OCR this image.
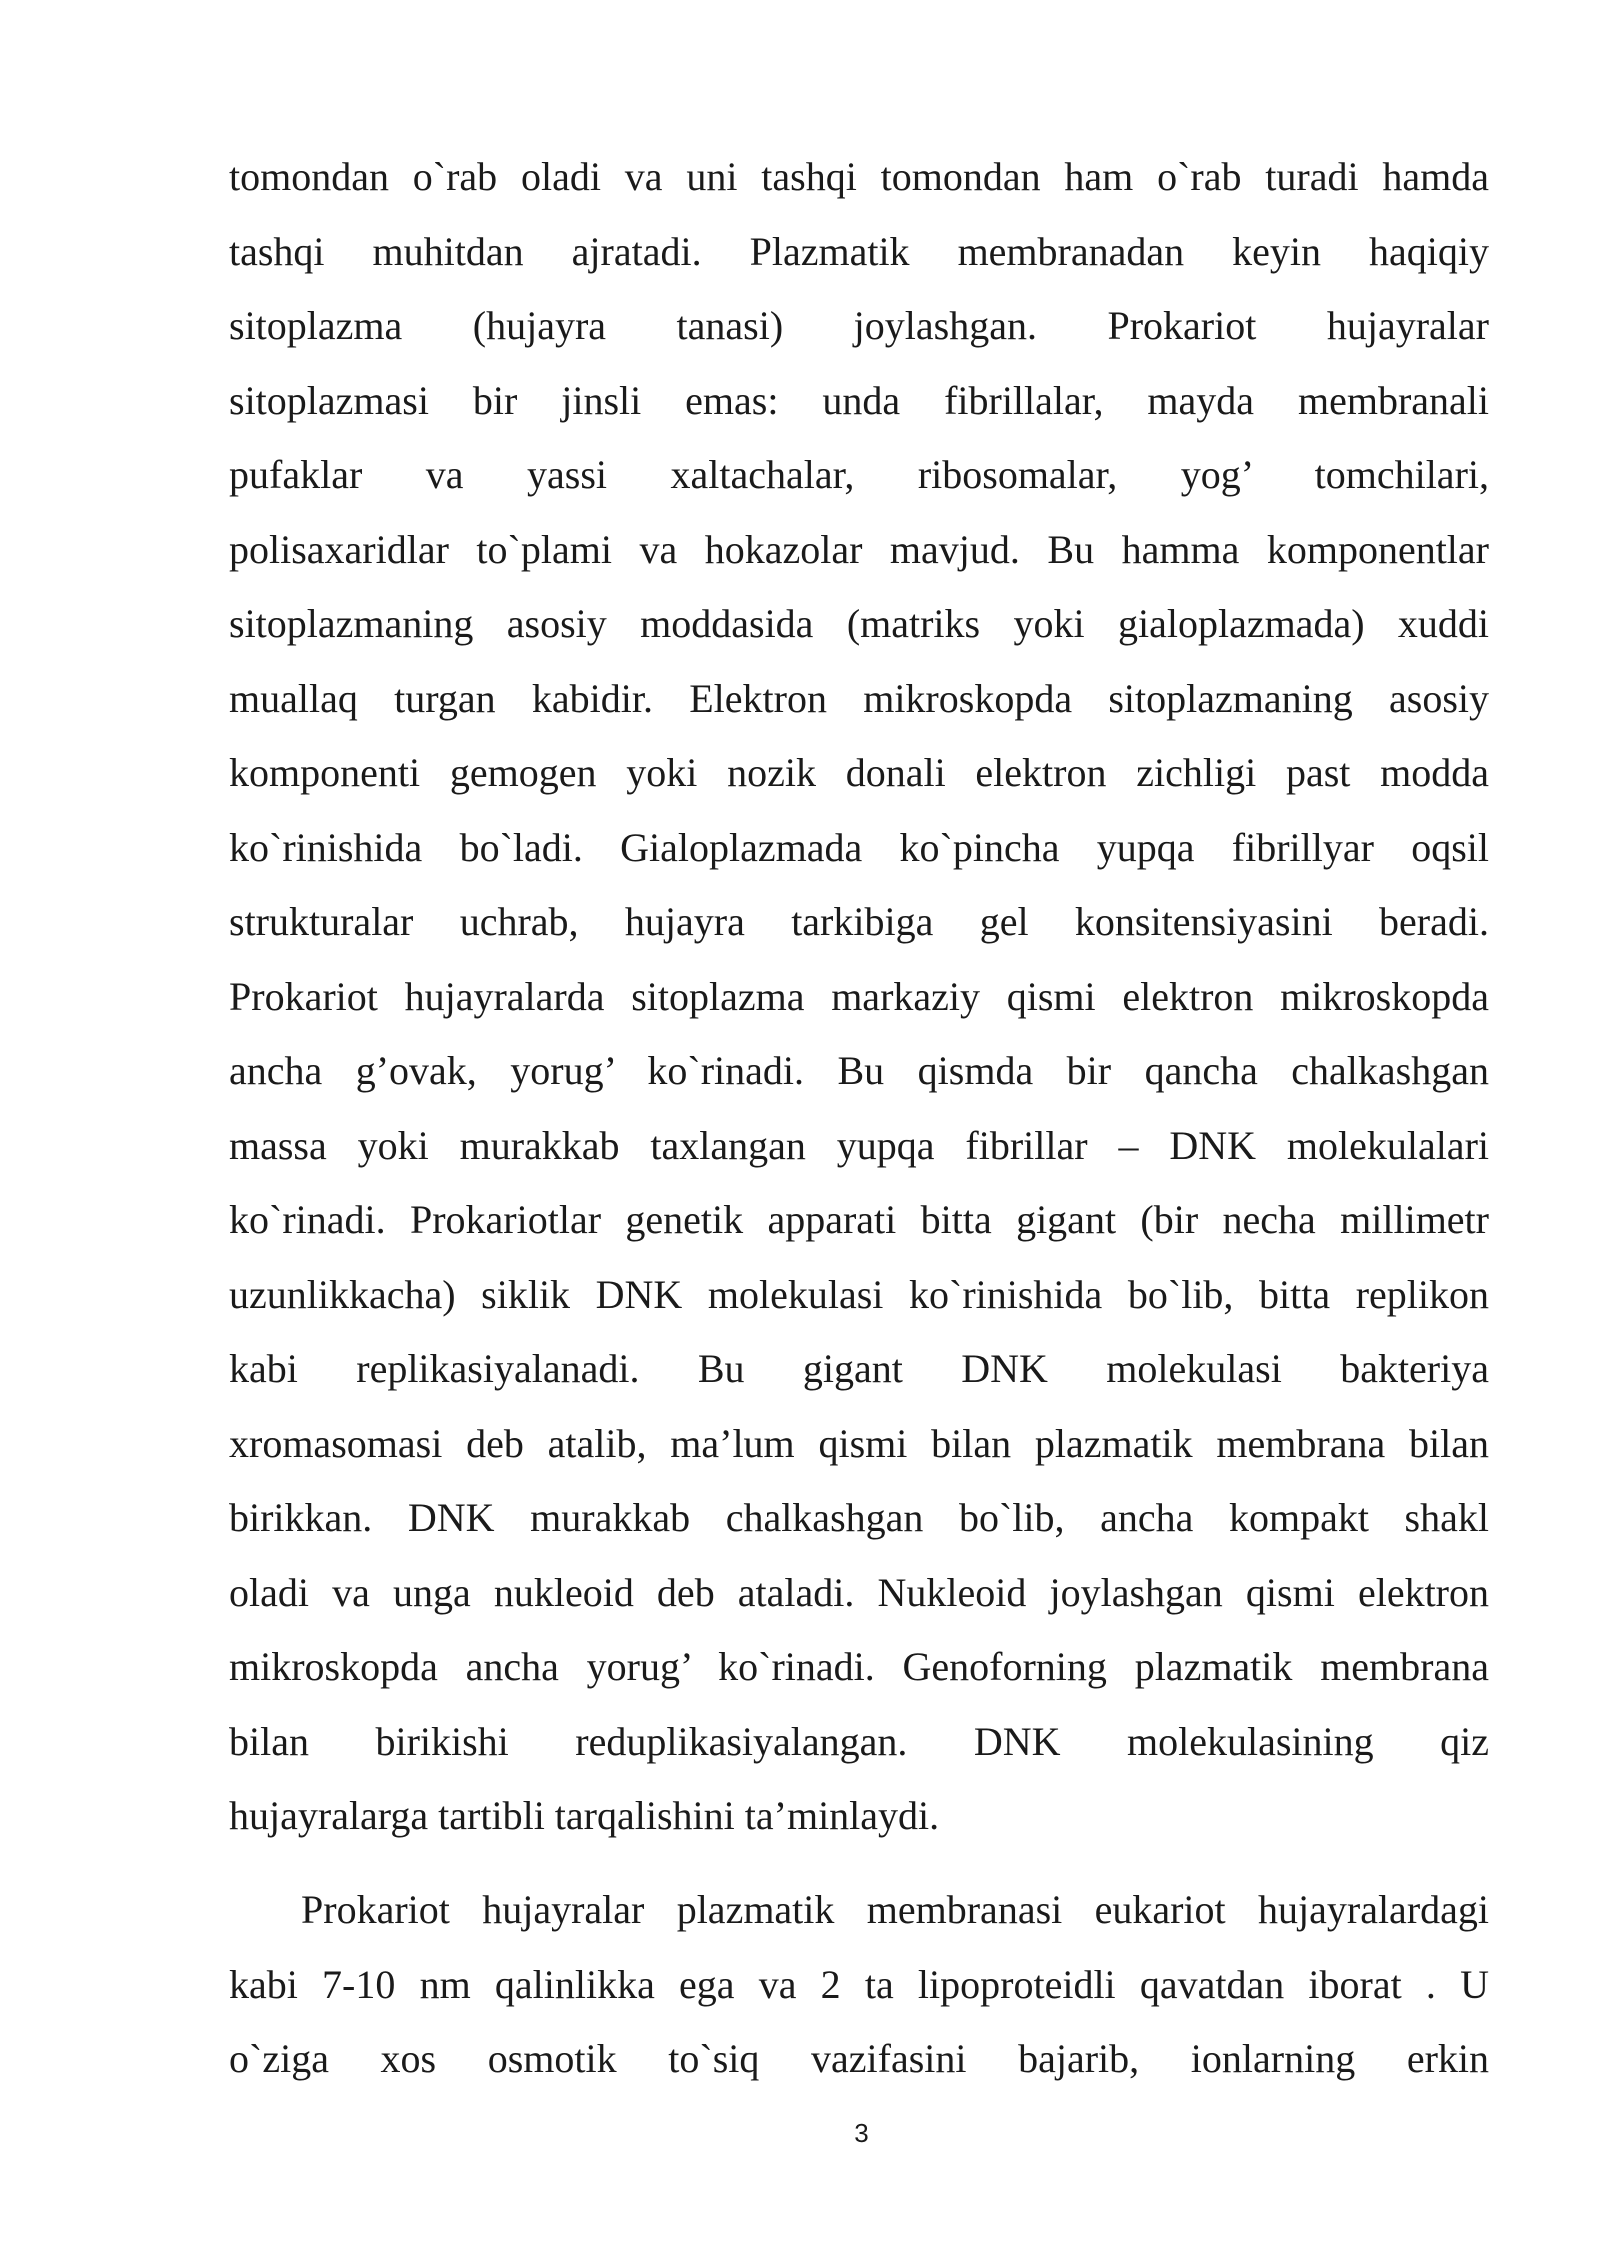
tomondan o`rab oladi va uni tashqi tomondan ham o`rab turadi hamda
tashqi muhitdan ajratadi. Plazmatik membranadan keyin haqiqiy
sitoplazma (hujayra tanasi) joylashgan. Prokariot hujayralar
sitoplazmasi bir jinsli emas: unda fibrillalar, mayda membranali
pufaklar va yassi xaltachalar, ribosomalar, yog’ tomchilari,
polisaxaridlar to`plami va hokazolar mavjud. Bu hamma komponentlar
sitoplazmaning asosiy moddasida (matriks yoki gialoplazmada) xuddi
muallaq turgan kabidir. Elektron mikroskopda sitoplazmaning asosiy
komponenti gemogen yoki nozik donali elektron zichligi past modda
ko`rinishida bo`ladi. Gialoplazmada ko`pincha yupqa fibrillyar oqsil
strukturalar uchrab, hujayra tarkibiga gel konsitensiyasini beradi.
Prokariot hujayralarda sitoplazma markaziy qismi elektron mikroskopda
ancha g’ovak, yorug’ ko`rinadi. Bu qismda bir qancha chalkashgan
massa yoki murakkab taxlangan yupqa fibrillar – DNK molekulalari
ko`rinadi. Prokariotlar genetik apparati bitta gigant (bir necha millimetr
uzunlikkacha) siklik DNK molekulasi ko`rinishida bo`lib, bitta replikon
kabi replikasiyalanadi. Bu gigant DNK molekulasi bakteriya
xromasomasi deb atalib, ma’lum qismi bilan plazmatik membrana bilan
birikkan. DNK murakkab chalkashgan bo`lib, ancha kompakt shakl
oladi va unga nukleoid deb ataladi. Nukleoid joylashgan qismi elektron
mikroskopda ancha yorug’ ko`rinadi. Genoforning plazmatik membrana
bilan birikishi reduplikasiyalangan. DNK molekulasining qiz
hujayralarga tartibli tarqalishini ta’minlaydi.
Prokariot hujayralar plazmatik membranasi eukariot hujayralardagi
kabi 7-10 nm qalinlikka ega va 2 ta lipoproteidli qavatdan iborat . U
o`ziga xos osmotik to`siq vazifasini bajarib, ionlarning erkin
3
